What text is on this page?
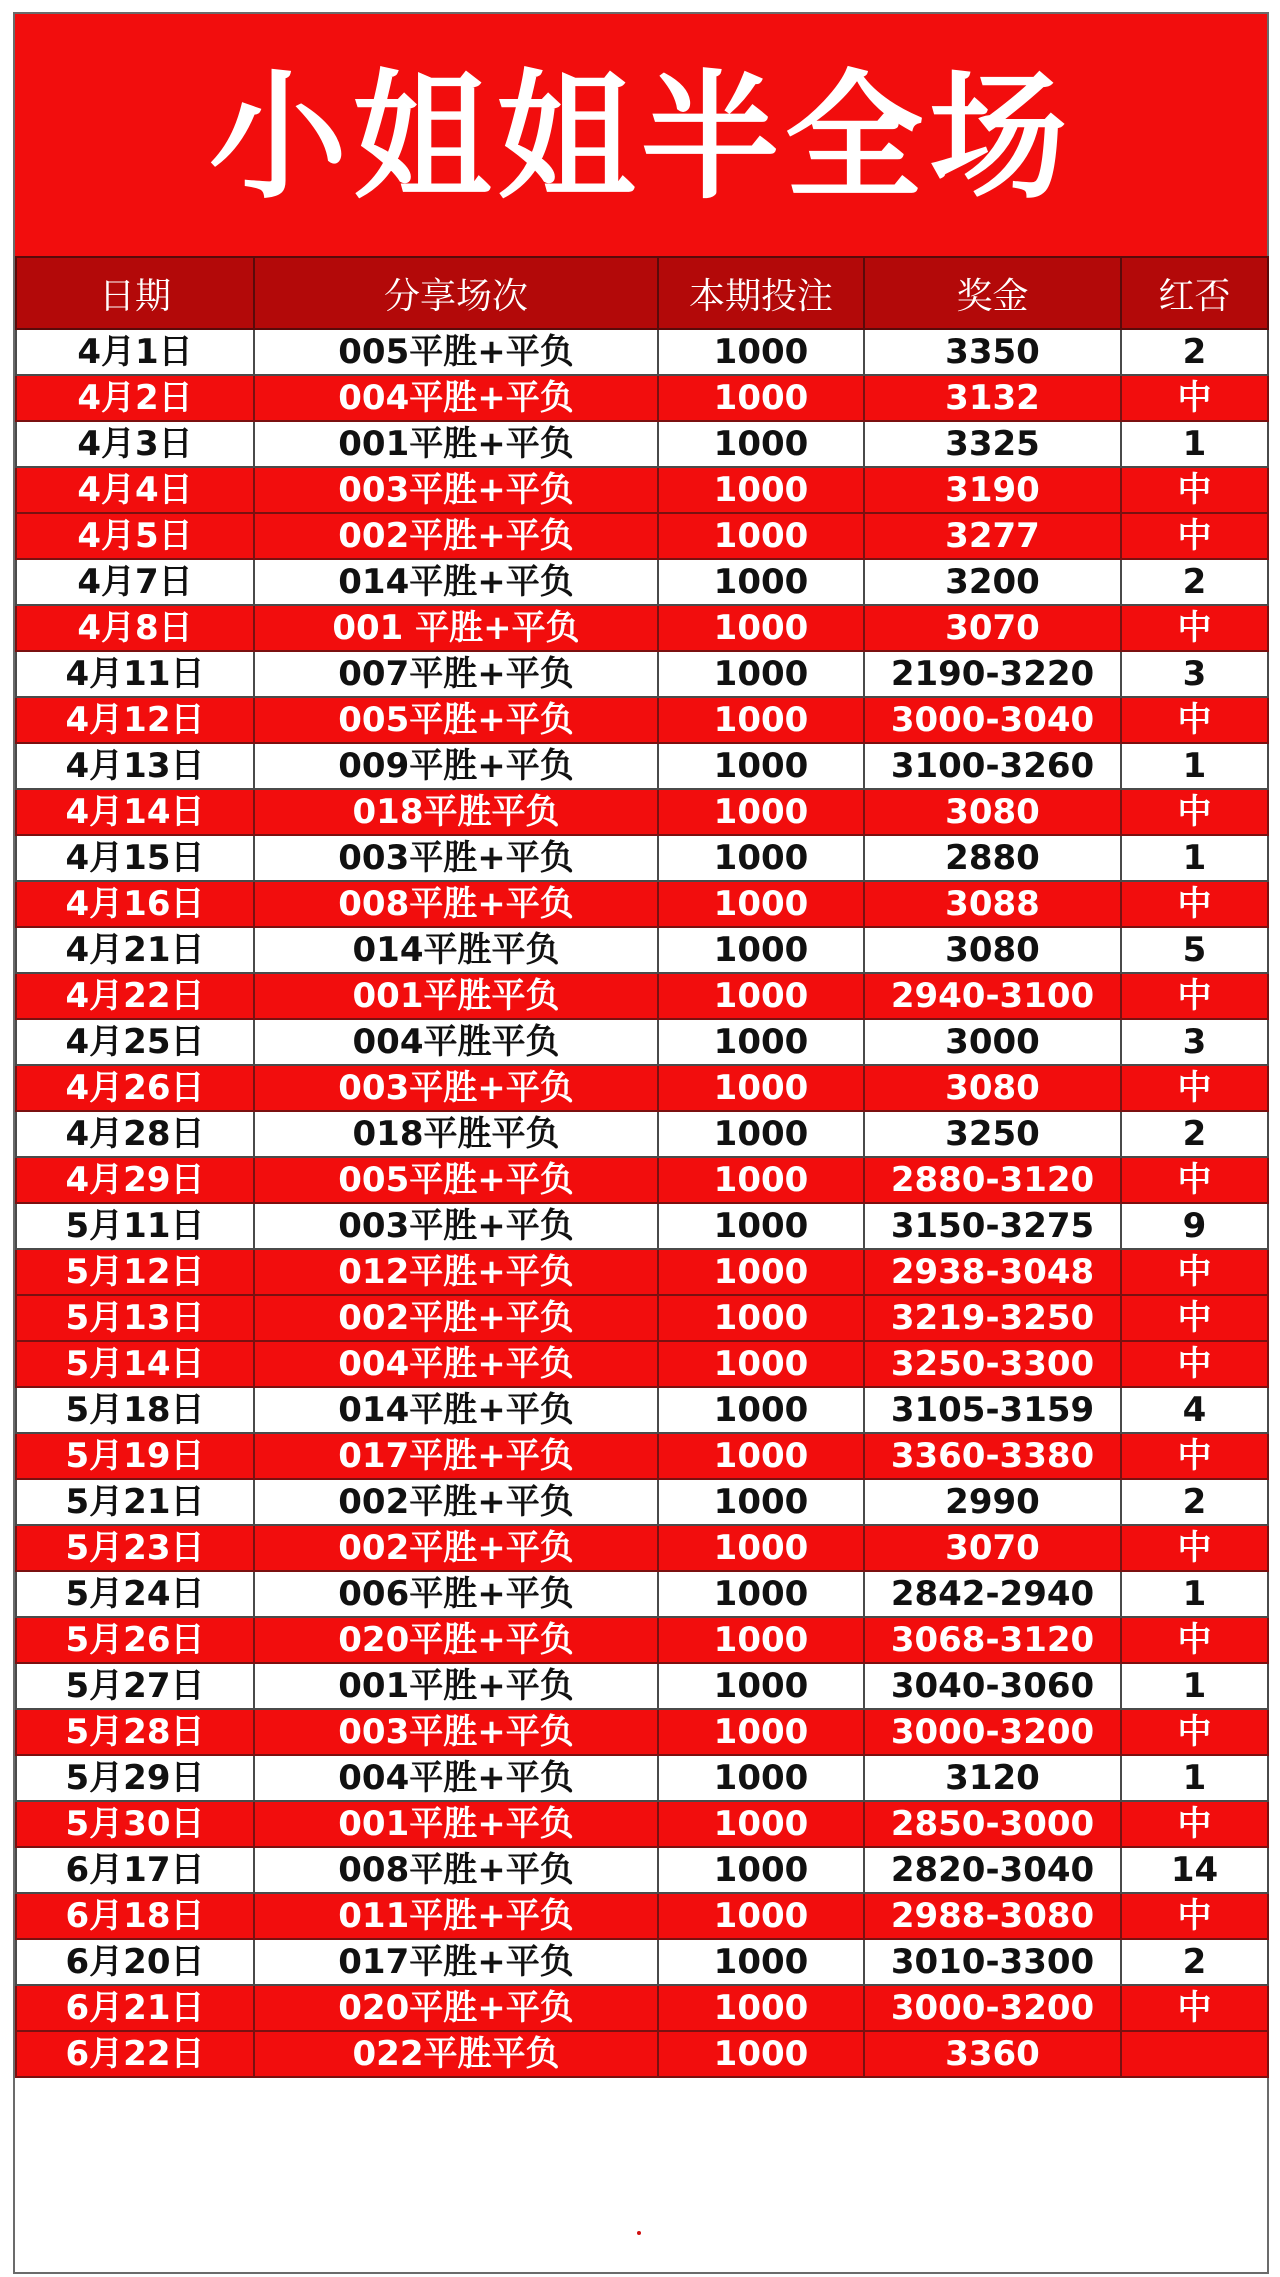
小姐姐半全场
日期	分享场次	本期投注	奖金	红否
4月1日	005平胜+平负	1000	3350	2
4月2日	004平胜+平负	1000	3132	中
4月3日	001平胜+平负	1000	3325	1
4月4日	003平胜+平负	1000	3190	中
4月5日	002平胜+平负	1000	3277	中
4月7日	014平胜+平负	1000	3200	2
4月8日	001 平胜+平负	1000	3070	中
4月11日	007平胜+平负	1000	2190-3220	3
4月12日	005平胜+平负	1000	3000-3040	中
4月13日	009平胜+平负	1000	3100-3260	1
4月14日	018平胜平负	1000	3080	中
4月15日	003平胜+平负	1000	2880	1
4月16日	008平胜+平负	1000	3088	中
4月21日	014平胜平负	1000	3080	5
4月22日	001平胜平负	1000	2940-3100	中
4月25日	004平胜平负	1000	3000	3
4月26日	003平胜+平负	1000	3080	中
4月28日	018平胜平负	1000	3250	2
4月29日	005平胜+平负	1000	2880-3120	中
5月11日	003平胜+平负	1000	3150-3275	9
5月12日	012平胜+平负	1000	2938-3048	中
5月13日	002平胜+平负	1000	3219-3250	中
5月14日	004平胜+平负	1000	3250-3300	中
5月18日	014平胜+平负	1000	3105-3159	4
5月19日	017平胜+平负	1000	3360-3380	中
5月21日	002平胜+平负	1000	2990	2
5月23日	002平胜+平负	1000	3070	中
5月24日	006平胜+平负	1000	2842-2940	1
5月26日	020平胜+平负	1000	3068-3120	中
5月27日	001平胜+平负	1000	3040-3060	1
5月28日	003平胜+平负	1000	3000-3200	中
5月29日	004平胜+平负	1000	3120	1
5月30日	001平胜+平负	1000	2850-3000	中
6月17日	008平胜+平负	1000	2820-3040	14
6月18日	011平胜+平负	1000	2988-3080	中
6月20日	017平胜+平负	1000	3010-3300	2
6月21日	020平胜+平负	1000	3000-3200	中
6月22日	022平胜平负	1000	3360	
